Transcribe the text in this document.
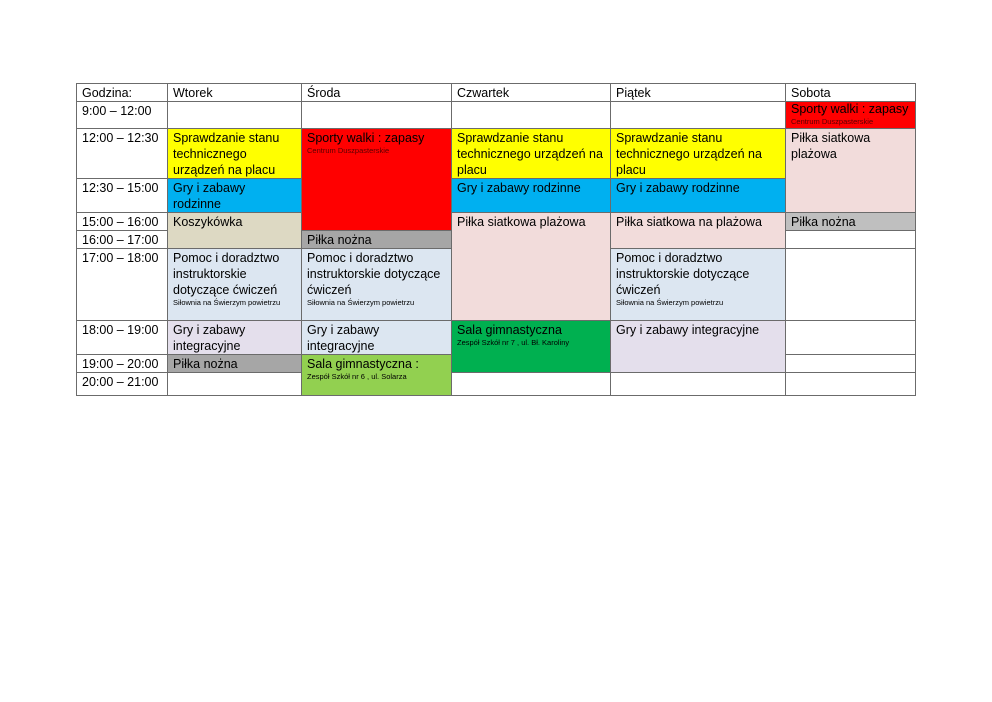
Godzina:	Wtorek	Środa	Czwartek	Piątek	Sobota
9:00 – 12:00					Sporty walki : zapasy
Centrum Duszpasterskie

12:00 – 12:30	Sprawdzanie stanu technicznego urządzeń na placu	Sporty walki : zapasy
Centrum Duszpasterskie	Sprawdzanie stanu technicznego urządzeń na placu	Sprawdzanie stanu technicznego urządzeń na placu	Piłka siatkowa plażowa
12:30 – 15:00	Gry i zabawy rodzinne		Gry i zabawy rodzinne	Gry i zabawy rodzinne	
15:00 – 16:00	Koszykówka		Piłka siatkowa plażowa	Piłka siatkowa na plażowa	Piłka nożna
16:00 – 17:00		Piłka nożna			
17:00 – 18:00	Pomoc i doradztwo instruktorskie dotyczące ćwiczeń
Siłownia na Świerzym powietrzu	Pomoc i doradztwo instruktorskie dotyczące ćwiczeń
Siłownia na Świerzym powietrzu		Pomoc i doradztwo instruktorskie dotyczące ćwiczeń
Siłownia na Świerzym powietrzu	

18:00 – 19:00	Gry i zabawy integracyjne	Gry i zabawy integracyjne	Sala gimnastyczna
Zespół Szkół nr 7 , ul. Bł. Karoliny	Gry i zabawy integracyjne	
19:00 – 20:00	Piłka nożna	Sala gimnastyczna :
Zespół Szkół nr 6 , ul. Solarza			

20:00 – 21:00					
